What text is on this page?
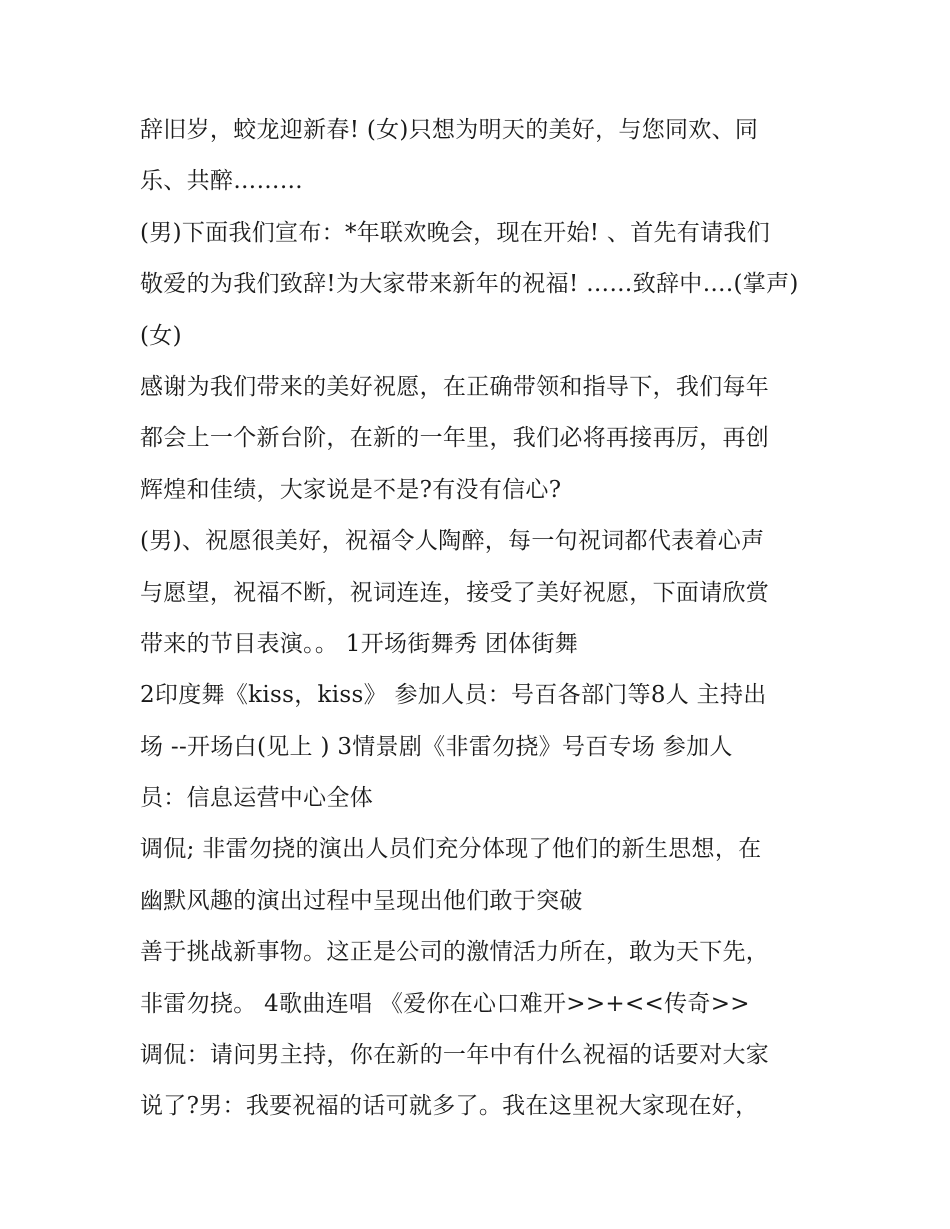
辞旧岁，蛟龙迎新春! (女)只想为明天的美好，与您同欢、同
乐、共醉………
(男)下面我们宣布：*年联欢晚会，现在开始! 、首先有请我们
敬爱的为我们致辞!为大家带来新年的祝福! ……致辞中….(掌声)
(女)
感谢为我们带来的美好祝愿，在正确带领和指导下，我们每年
都会上一个新台阶，在新的一年里，我们必将再接再厉，再创
辉煌和佳绩，大家说是不是?有没有信心?
(男)、祝愿很美好，祝福令人陶醉，每一句祝词都代表着心声
与愿望，祝福不断，祝词连连，接受了美好祝愿，下面请欣赏
带来的节目表演。。 1开场街舞秀 团体街舞
2印度舞《kiss，kiss》 参加人员：号百各部门等8人 主持出
场 --开场白(见上 ) 3情景剧《非雷勿挠》号百专场 参加人
员：信息运营中心全体
调侃; 非雷勿挠的演出人员们充分体现了他们的新生思想，在
幽默风趣的演出过程中呈现出他们敢于突破
善于挑战新事物。这正是公司的激情活力所在，敢为天下先，
非雷勿挠。 4歌曲连唱 《爱你在心口难开>>+<<传奇>>
调侃：请问男主持，你在新的一年中有什么祝福的话要对大家
说了?男：我要祝福的话可就多了。我在这里祝大家现在好，
